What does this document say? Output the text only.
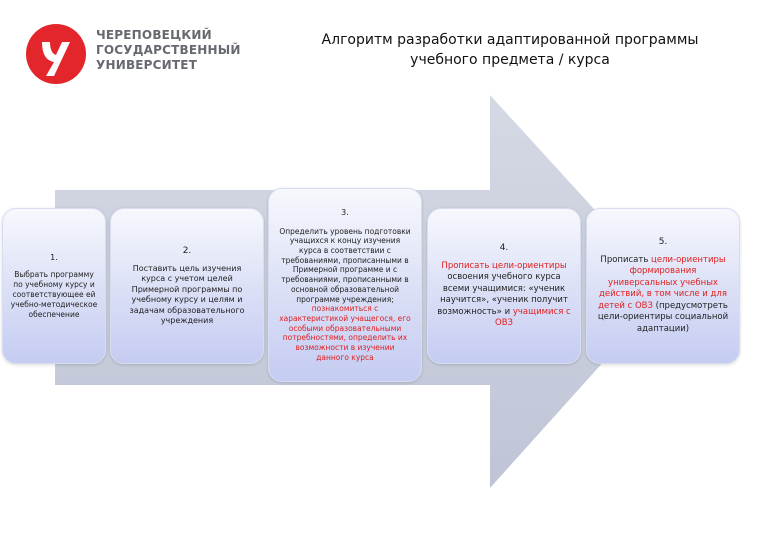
ЧЕРЕПОВЕЦКИЙ
ГОСУДАРСТВЕННЫЙ
УНИВЕРСИТЕТ
Алгоритм разработки адаптированной программы
учебного предмета / курса
1.
Выбрать программу по учебному курсу и соответствующее ей учебно-методическое обеспечение
2.
Поставить цель изучения курса с учетом целей Примерной программы по учебному курсу и целям и задачам образовательного учреждения
3.
Определить уровень подготовки учащихся к концу изучения курса в соответствии с требованиями, прописанными в Примерной программе и с требованиями, прописанными в основной образовательной программе учреждения; познакомиться с характеристикой учащегося, его особыми образовательными потребностями, определить их возможности в изучении данного курса
4.
Прописать цели-ориентиры освоения учебного курса всеми учащимися: «ученик научится», «ученик получит возможность» и учащимися с ОВЗ
5.
Прописать цели-ориентиры формирования универсальных учебных действий, в том числе и для детей с ОВЗ (предусмотреть цели-ориентиры социальной адаптации)
